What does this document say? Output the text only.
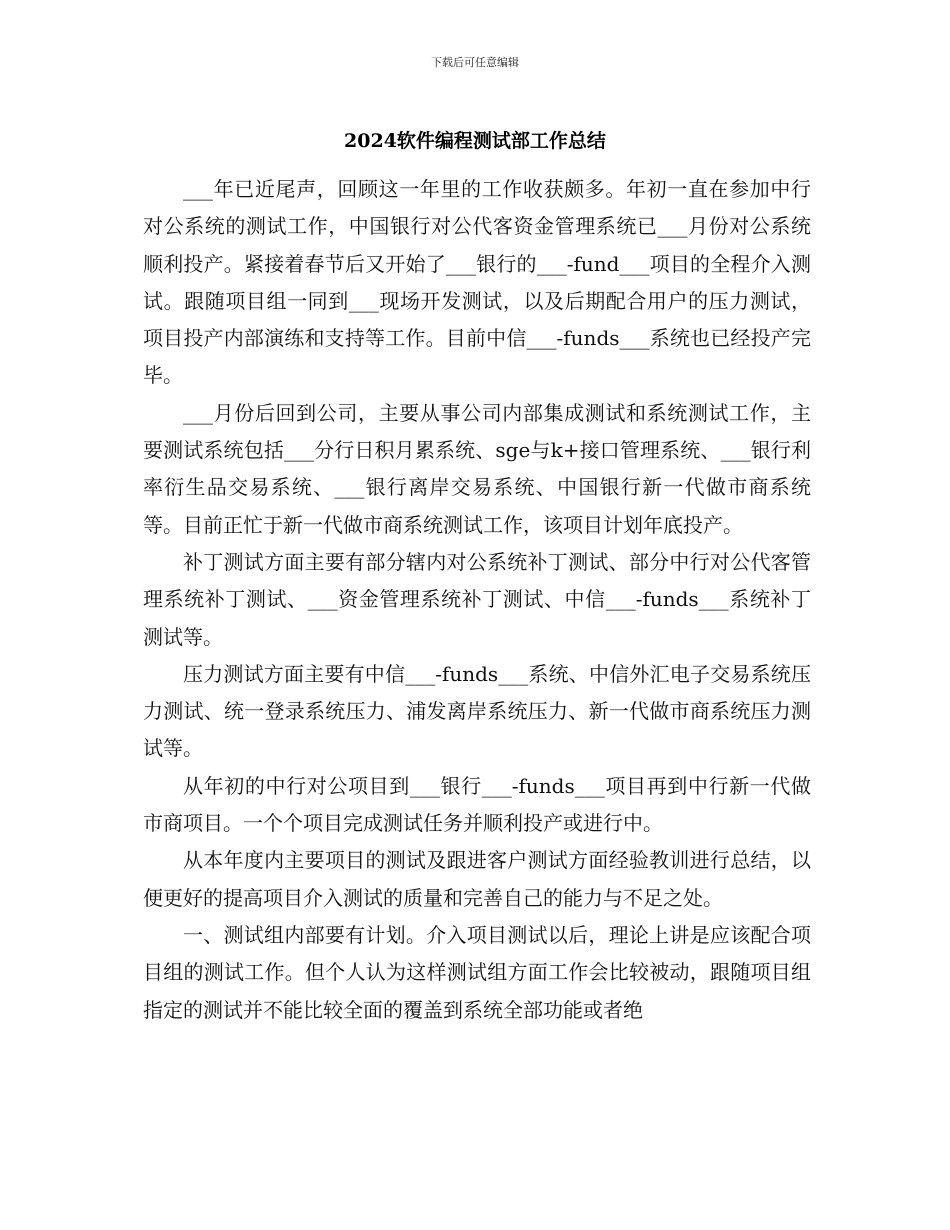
下载后可任意编辑
2024软件编程测试部工作总结

___年已近尾声，回顾这一年里的工作收获颇多。年初一直在参加中行对公系统的测试工作，中国银行对公代客资金管理系统已___月份对公系统顺利投产。紧接着春节后又开始了___银行的___-fund___项目的全程介入测试。跟随项目组一同到___现场开发测试，以及后期配合用户的压力测试，项目投产内部演练和支持等工作。目前中信___-funds___系统也已经投产完毕。

___月份后回到公司，主要从事公司内部集成测试和系统测试工作，主要测试系统包括___分行日积月累系统、sge与k+接口管理系统、___银行利率衍生品交易系统、___银行离岸交易系统、中国银行新一代做市商系统等。目前正忙于新一代做市商系统测试工作，该项目计划年底投产。

补丁测试方面主要有部分辖内对公系统补丁测试、部分中行对公代客管理系统补丁测试、___资金管理系统补丁测试、中信___-funds___系统补丁测试等。

压力测试方面主要有中信___-funds___系统、中信外汇电子交易系统压力测试、统一登录系统压力、浦发离岸系统压力、新一代做市商系统压力测试等。

从年初的中行对公项目到___银行___-funds___项目再到中行新一代做市商项目。一个个项目完成测试任务并顺利投产或进行中。

从本年度内主要项目的测试及跟进客户测试方面经验教训进行总结，以便更好的提高项目介入测试的质量和完善自己的能力与不足之处。

一、测试组内部要有计划。介入项目测试以后，理论上讲是应该配合项目组的测试工作。但个人认为这样测试组方面工作会比较被动，跟随项目组指定的测试并不能比较全面的覆盖到系统全部功能或者绝
